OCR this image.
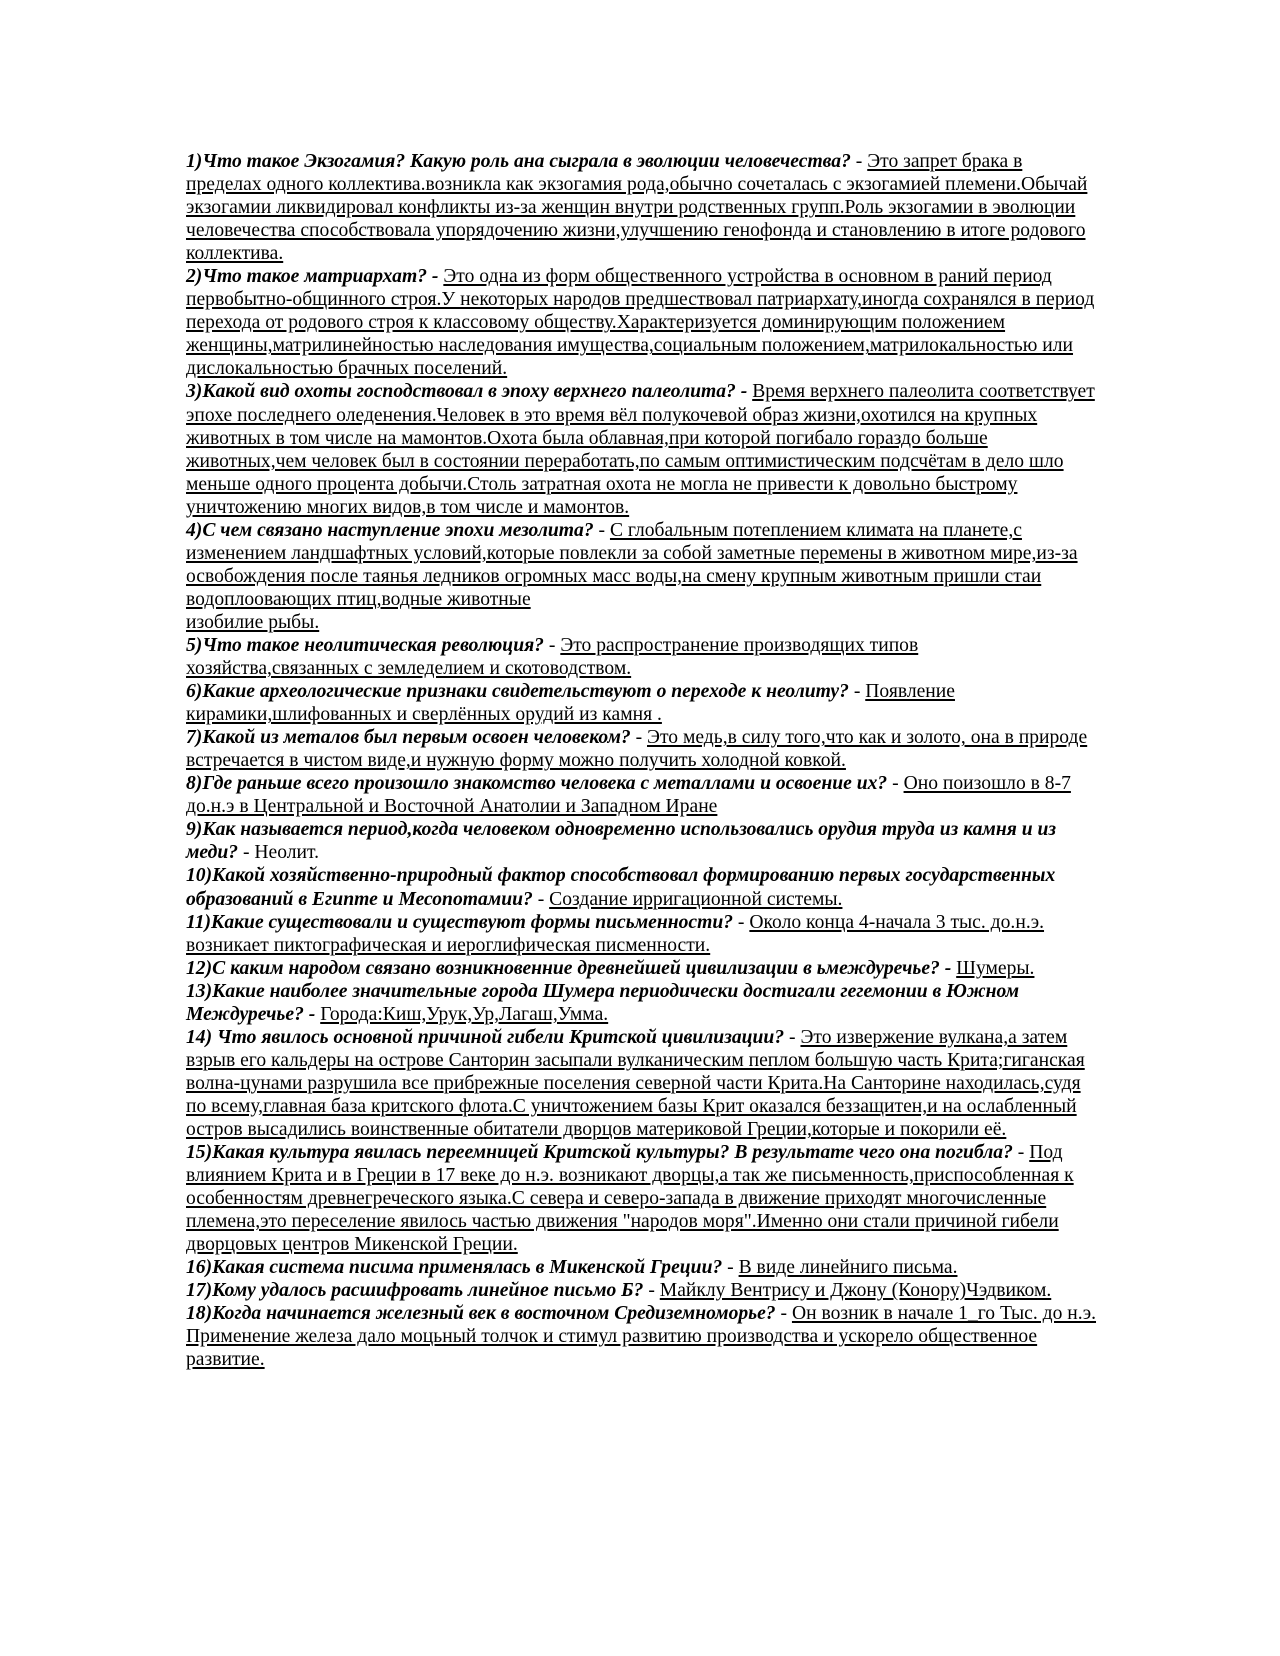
1)Что такое Экзогамия? Какую роль ана сыграла в эволюции человечества? - Это запрет брака в пределах одного коллектива.возникла как экзогамия рода,обычно сочеталась с экзогамией племени.Обычай экзогамии ликвидировал конфликты из-за женщин внутри родственных групп.Роль экзогамии в эволюции человечества способствовала упорядочению жизни,улучшению генофонда и становлению в итоге родового коллектива.

2)Что такое матриархат? - Это одна из форм общественного устройства в основном в раний период первобытно-общинного строя.У некоторых народов предшествовал патриархату,иногда сохранялся в период перехода от родового строя к классовому обществу.Характеризуется доминирующим положением женщины,матрилинейностью наследования имущества,социальным положением,матрилокальностью или дислокальностью брачных поселений.

3)Какой вид охоты господствовал в эпоху верхнего палеолита? - Время верхнего палеолита соответствует эпохе последнего оледенения.Человек в это время вёл полукочевой образ жизни,охотился на крупных животных в том числе на мамонтов.Охота была облавная,при которой погибало гораздо больше животных,чем человек был в состоянии переработать,по самым оптимистическим подсчётам в дело шло меньше одного процента добычи.Столь затратная охота не могла не привести к довольно быстрому уничтожению многих видов,в том числе и мамонтов.

4)С чем связано наступление эпохи мезолита? - С глобальным потеплением климата на планете,с изменением ландшафтных условий,которые повлекли за собой заметные перемены в животном мире,из-за освобождения после таянья ледников огромных масс воды,на смену крупным животным пришли стаи водоплоовающих птиц,водные животные
изобилие рыбы.

5)Что такое неолитическая революция? - Это распространение производящих типов хозяйства,связанных с земледелием и скотоводством.

6)Какие археологические признаки свидетельствуют о переходе к неолиту? - Появление кирамики,шлифованных и сверлённых орудий из камня .

7)Какой из металов был первым освоен человеком? - Это медь,в силу того,что как и золото, она в природе встречается в чистом виде,и нужную форму можно получить холодной ковкой.

8)Где раньше всего произошло знакомство человека с металлами и освоение их? - Оно поизошло в 8-7 до.н.э в Центральной и Восточной Анатолии и Западном Иране

9)Как называется период,когда человеком одновременно использовались орудия труда из камня и из меди? - Неолит.

10)Какой хозяйственно-природный фактор способствовал формированию первых государственных образований в Египте и Месопотамии? - Создание ирригационной системы.

11)Какие существовали и существуют формы письменности? - Около конца 4-начала 3 тыс. до.н.э. возникает пиктографическая и иероглифическая писменности.

12)С каким народом связано возникновенние древнейшей цивилизации в ьмеждуречье? - Шумеры.

13)Какие наиболее значительные города Шумера периодически достигали гегемонии в Южном Междуречье? - Города:Киш,Урук,Ур,Лагаш,Умма.

14) Что явилось основной причиной гибели Критской цивилизации? - Это извержение вулкана,а затем взрыв его кальдеры на острове Санторин засыпали вулканическим пеплом большую часть Крита;гиганская волна-цунами разрушила все прибрежные поселения северной части Крита.На Санторине находилась,судя по всему,главная база критского флота.С уничтожением базы Крит оказался беззащитен,и на ослабленный остров высадились воинственные обитатели дворцов материковой Греции,которые и покорили её.

15)Какая культура явилась переемницей Критской культуры? В результате чего она погибла? - Под влиянием Крита и в Греции в 17 веке до н.э. возникают дворцы,а так же письменность,приспособленная к особенностям древнегреческого языка.С севера и северо-запада в движение приходят многочисленные племена,это переселение явилось частью движения "народов моря".Именно они стали причиной гибели дворцовых центров Микенской Греции.

16)Какая система писима применялась в Микенской Греции? - В виде линейниго письма.

17)Кому удалось расшифровать линейное письмо Б? - Майклу Вентрису и Джону (Конору)Чэдвиком.

18)Когда начинается железный век в восточном Средиземноморье? - Он возник в начале 1_го Тыс. до н.э.
Применение железа дало моцьный толчок и стимул развитию производства и ускорело общественное развитие.
